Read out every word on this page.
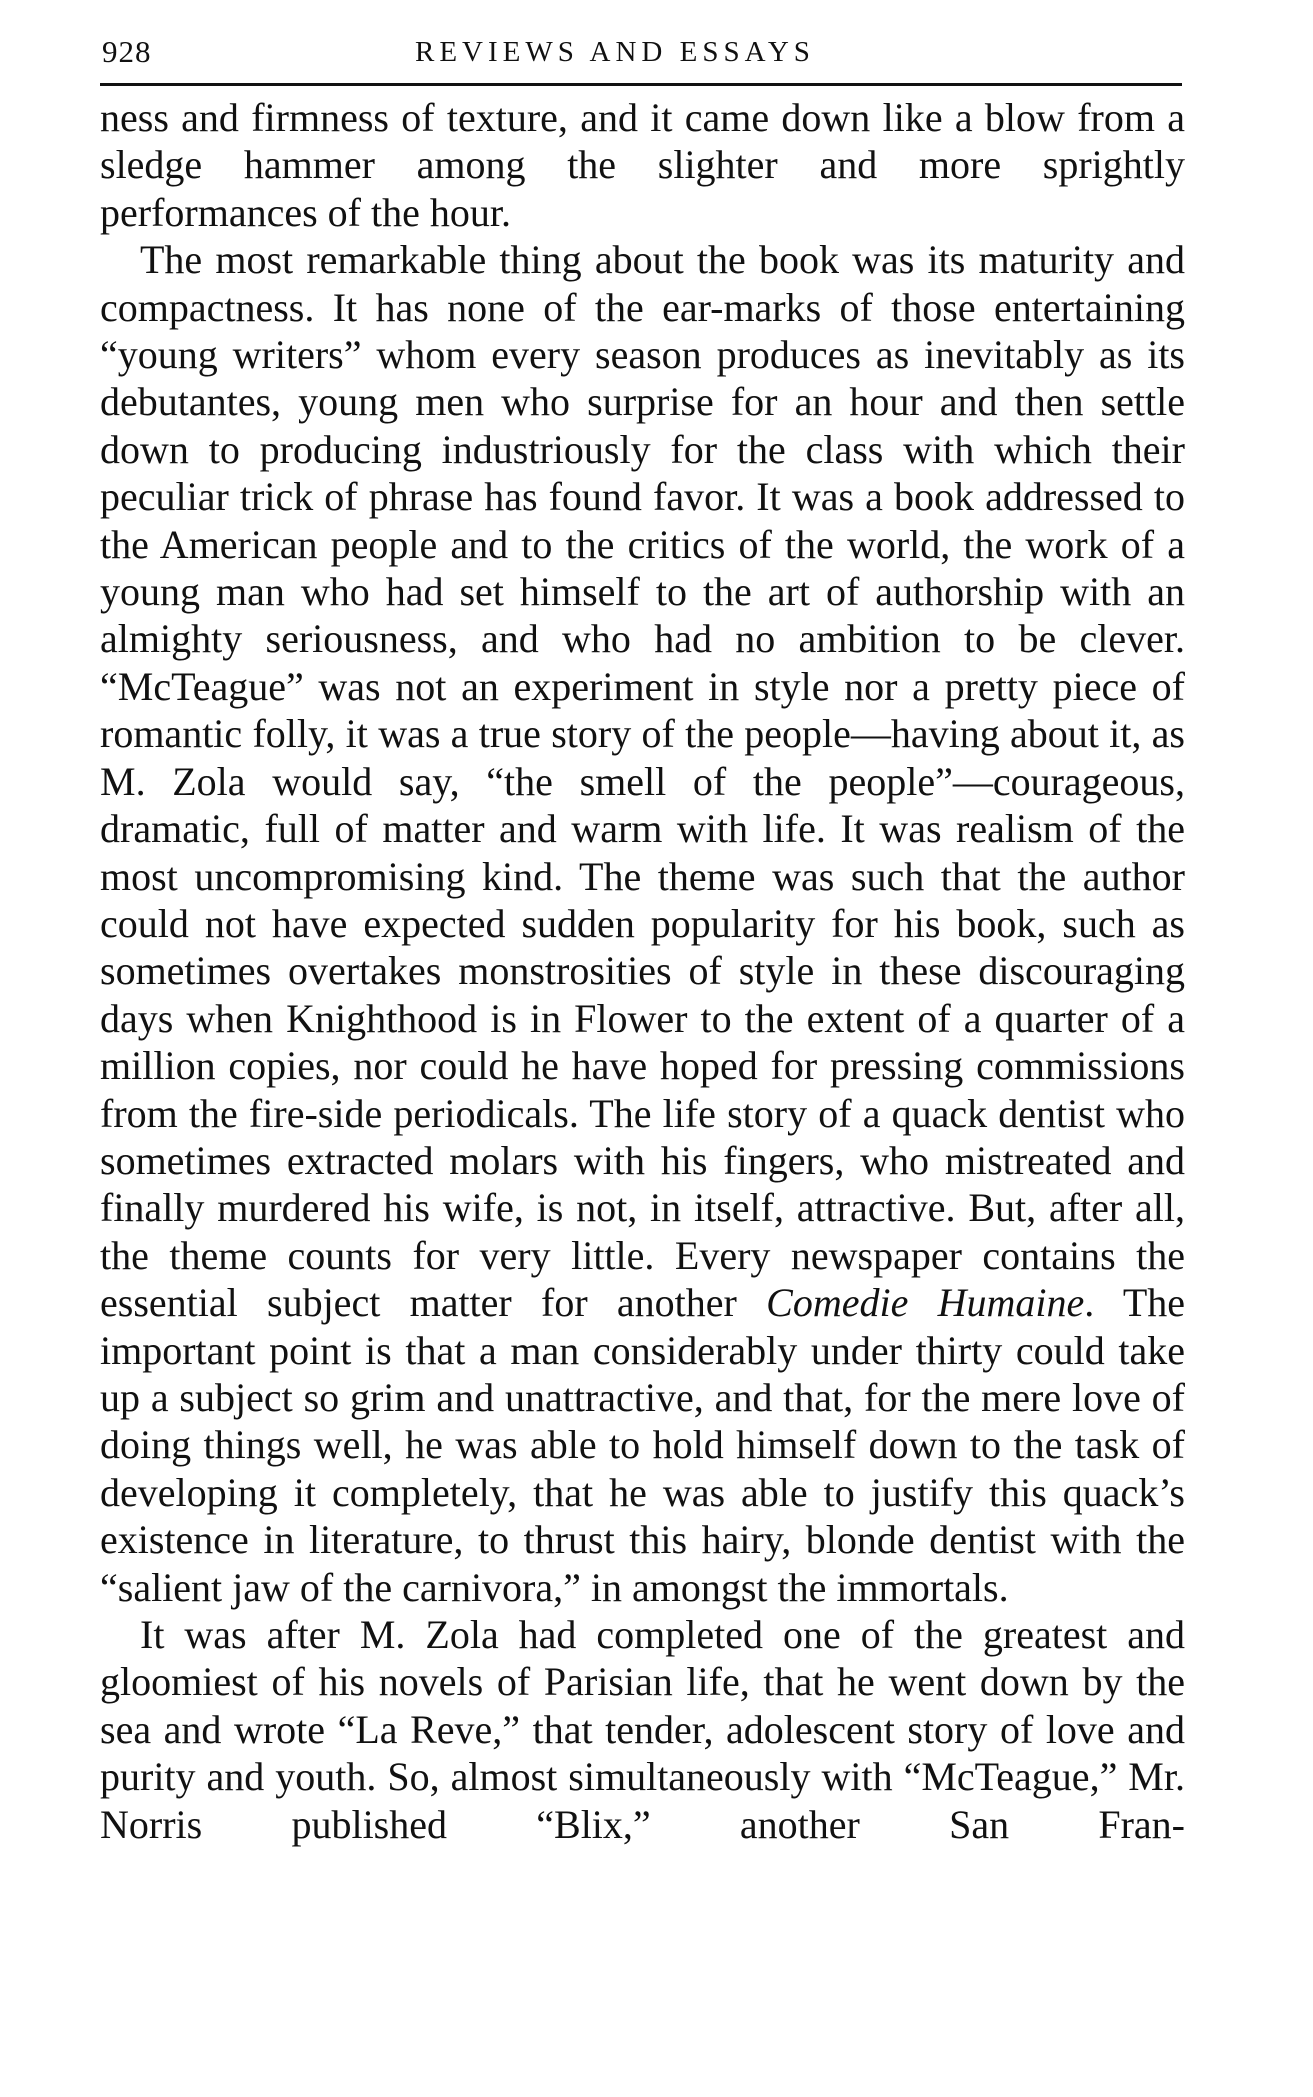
928	REVIEWS AND ESSAYS

ness and firmness of texture, and it came down like a blow from a sledge hammer among the slighter and more sprightly performances of the hour.

The most remarkable thing about the book was its maturity and compactness. It has none of the ear-marks of those entertaining “young writers” whom every season produces as inevitably as its debutantes, young men who surprise for an hour and then settle down to producing industriously for the class with which their peculiar trick of phrase has found favor. It was a book addressed to the American people and to the critics of the world, the work of a young man who had set himself to the art of authorship with an almighty seriousness, and who had no ambition to be clever. “McTeague” was not an experiment in style nor a pretty piece of romantic folly, it was a true story of the people—having about it, as M. Zola would say, “the smell of the people”—courageous, dramatic, full of matter and warm with life. It was realism of the most uncompromising kind. The theme was such that the author could not have expected sudden popularity for his book, such as sometimes overtakes monstrosities of style in these discouraging days when Knighthood is in Flower to the extent of a quarter of a million copies, nor could he have hoped for pressing commissions from the fire-side periodicals. The life story of a quack dentist who sometimes extracted molars with his fingers, who mistreated and finally murdered his wife, is not, in itself, attractive. But, after all, the theme counts for very little. Every newspaper contains the essential subject matter for another Comedie Humaine. The important point is that a man considerably under thirty could take up a subject so grim and unattractive, and that, for the mere love of doing things well, he was able to hold himself down to the task of developing it completely, that he was able to justify this quack’s existence in literature, to thrust this hairy, blonde dentist with the “salient jaw of the carnivora,” in amongst the immortals.

It was after M. Zola had completed one of the greatest and gloomiest of his novels of Parisian life, that he went down by the sea and wrote “La Reve,” that tender, adolescent story of love and purity and youth. So, almost simultaneously with “McTeague,” Mr. Norris published “Blix,” another San Fran-
